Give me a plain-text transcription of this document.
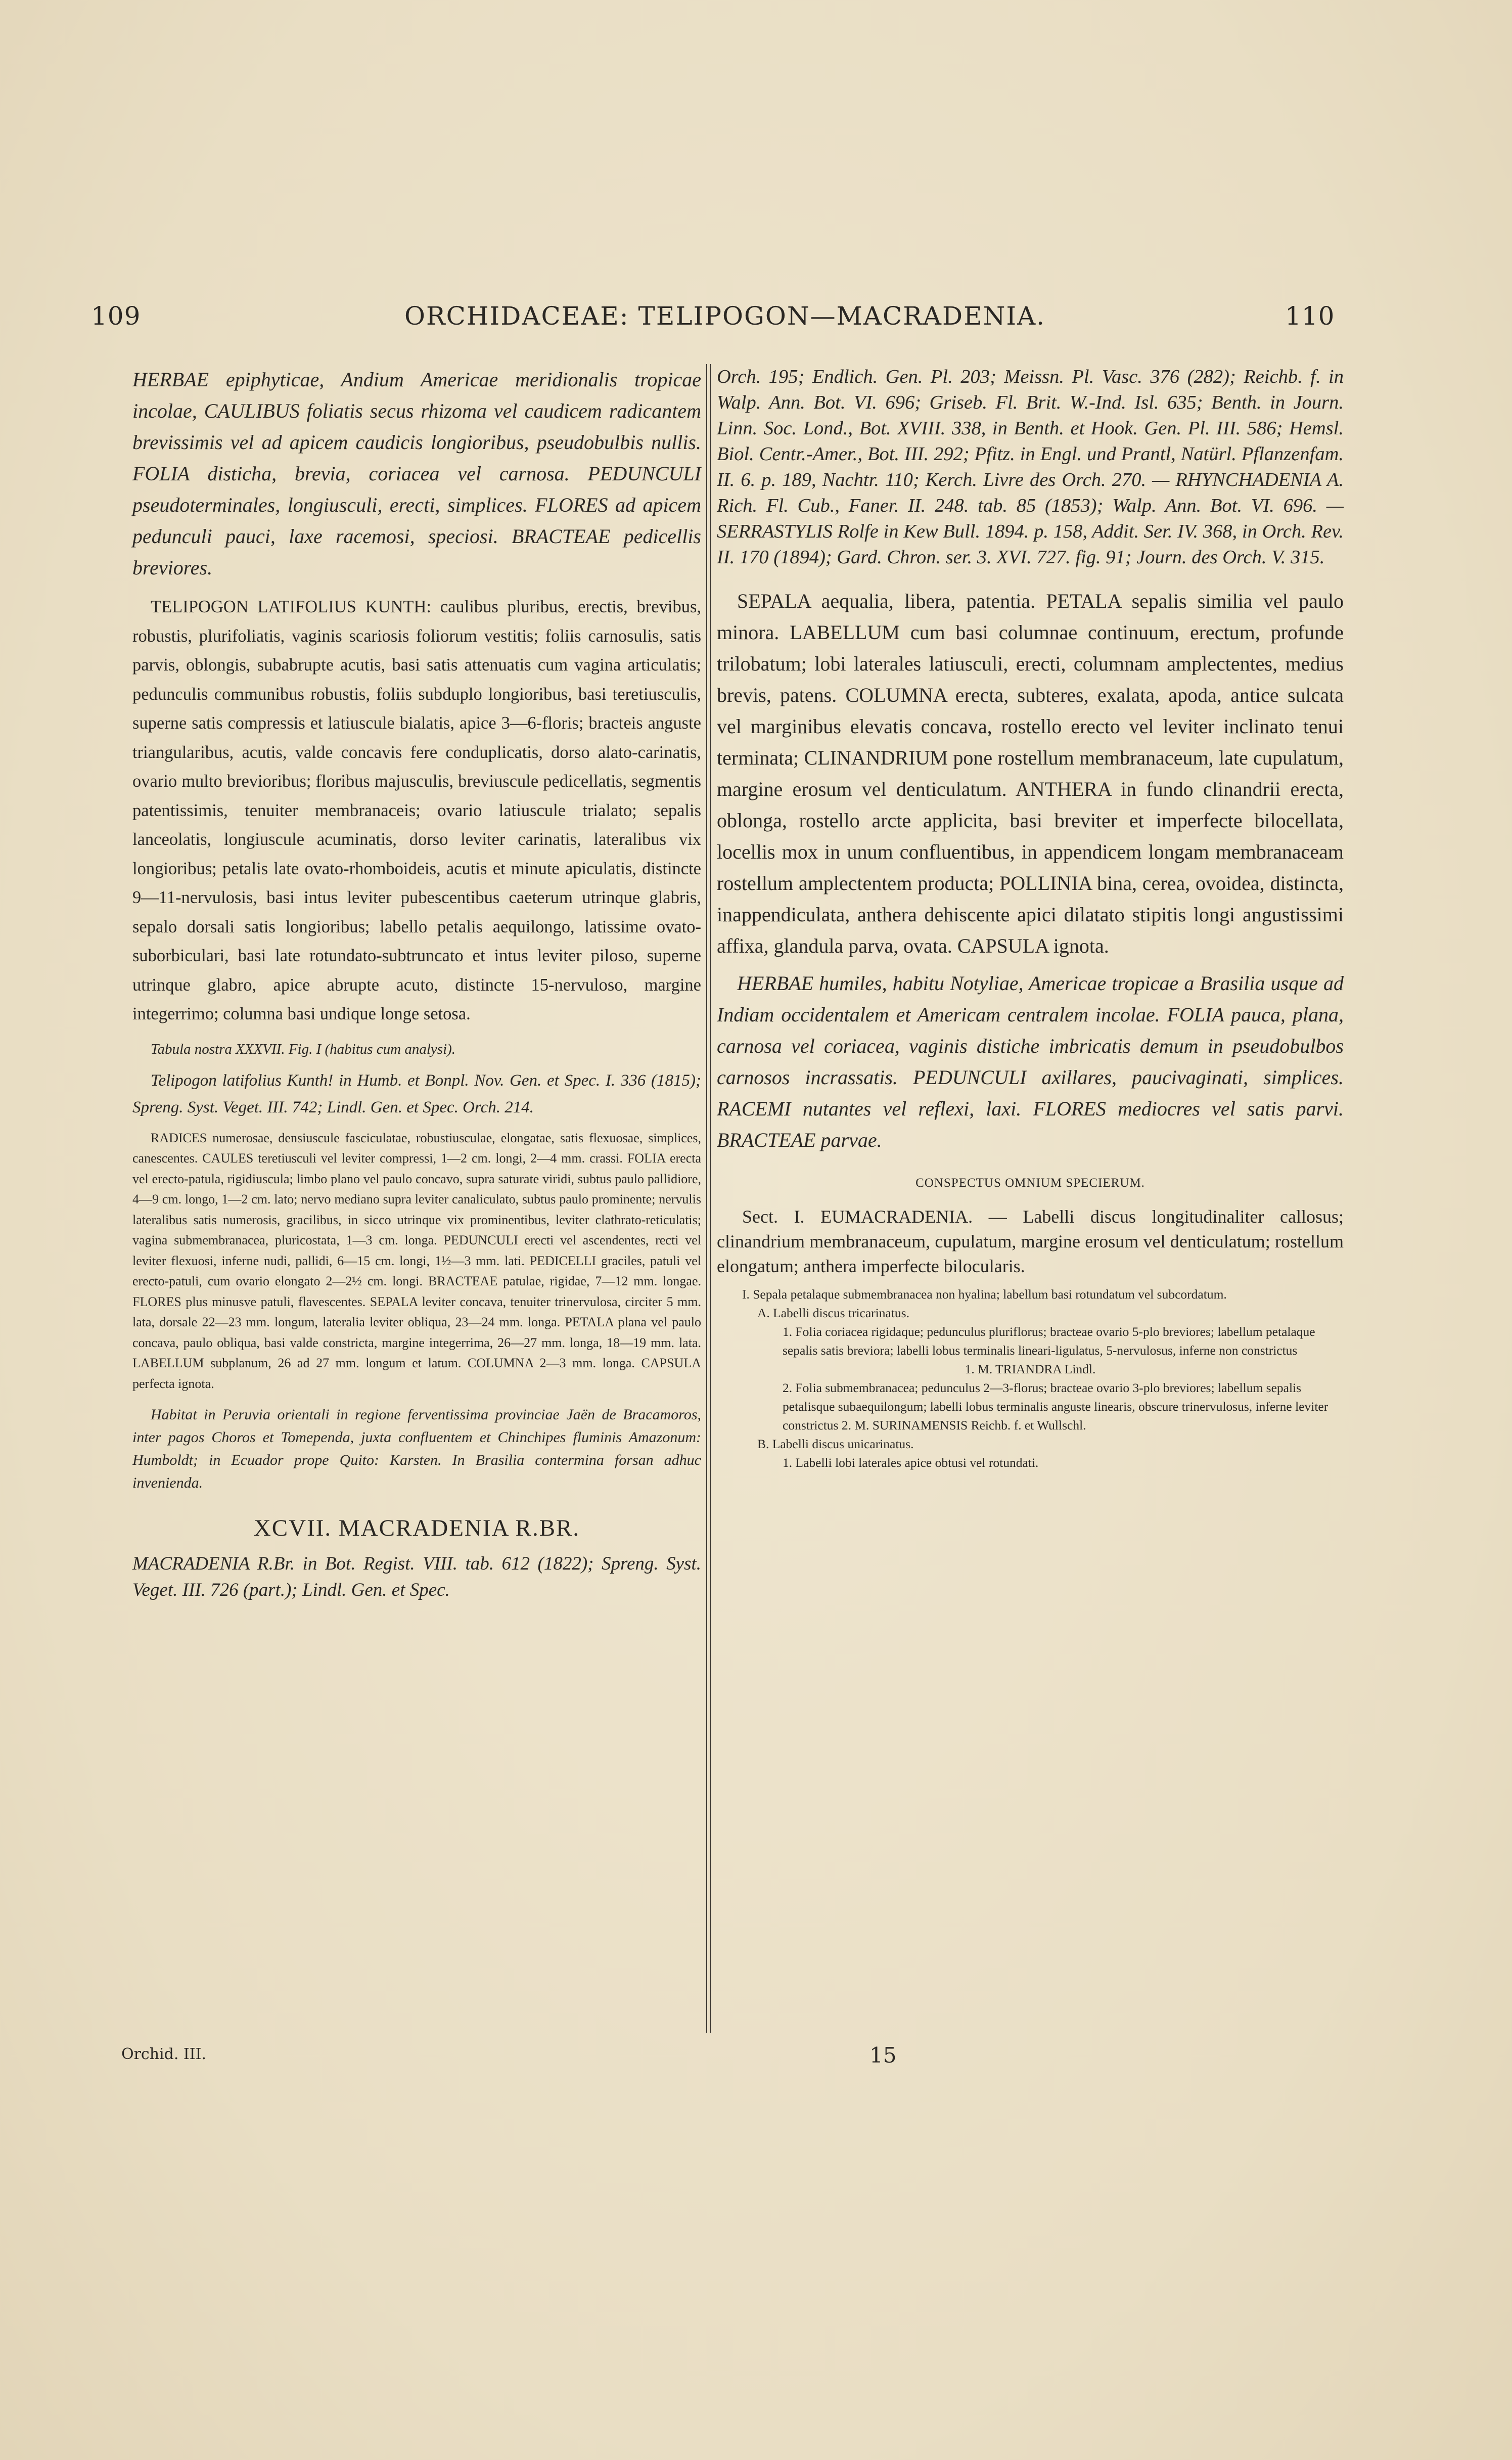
109	ORCHIDACEAE: TELIPOGON—MACRADENIA.	110

HERBAE epiphyticae, Andium Americae meridionalis tropicae incolae, CAULIBUS foliatis secus rhizoma vel caudicem radicantem brevissimis vel ad apicem caudicis longioribus, pseudobulbis nullis. FOLIA disticha, brevia, coriacea vel carnosa. PEDUNCULI pseudoterminales, longiusculi, erecti, simplices. FLORES ad apicem pedunculi pauci, laxe racemosi, speciosi. BRACTEAE pedicellis breviores.

TELIPOGON LATIFOLIUS KUNTH: caulibus pluribus, erectis, brevibus, robustis, plurifoliatis, vaginis scariosis foliorum vestitis; foliis carnosulis, satis parvis, oblongis, subabrupte acutis, basi satis attenuatis cum vagina articulatis; pedunculis communibus robustis, foliis subduplo longioribus, basi teretiusculis, superne satis compressis et latiuscule bialatis, apice 3—6-floris; bracteis anguste triangularibus, acutis, valde concavis fere conduplicatis, dorso alato-carinatis, ovario multo brevioribus; floribus majusculis, breviuscule pedicellatis, segmentis patentissimis, tenuiter membranaceis; ovario latiuscule trialato; sepalis lanceolatis, longiuscule acuminatis, dorso leviter carinatis, lateralibus vix longioribus; petalis late ovato-rhomboideis, acutis et minute apiculatis, distincte 9—11-nervulosis, basi intus leviter pubescentibus caeterum utrinque glabris, sepalo dorsali satis longioribus; labello petalis aequilongo, latissime ovato-suborbiculari, basi late rotundato-subtruncato et intus leviter piloso, superne utrinque glabro, apice abrupte acuto, distincte 15-nervuloso, margine integerrimo; columna basi undique longe setosa.

Tabula nostra XXXVII. Fig. I (habitus cum analysi).

Telipogon latifolius Kunth! in Humb. et Bonpl. Nov. Gen. et Spec. I. 336 (1815); Spreng. Syst. Veget. III. 742; Lindl. Gen. et Spec. Orch. 214.

RADICES numerosae, densiuscule fasciculatae, robustiusculae, elongatae, satis flexuosae, simplices, canescentes. CAULES teretiusculi vel leviter compressi, 1—2 cm. longi, 2—4 mm. crassi. FOLIA erecta vel erecto-patula, rigidiuscula; limbo plano vel paulo concavo, supra saturate viridi, subtus paulo pallidiore, 4—9 cm. longo, 1—2 cm. lato; nervo mediano supra leviter canaliculato, subtus paulo prominente; nervulis lateralibus satis numerosis, gracilibus, in sicco utrinque vix prominentibus, leviter clathrato-reticulatis; vagina submembranacea, pluricostata, 1—3 cm. longa. PEDUNCULI erecti vel ascendentes, recti vel leviter flexuosi, inferne nudi, pallidi, 6—15 cm. longi, 1½—3 mm. lati. PEDICELLI graciles, patuli vel erecto-patuli, cum ovario elongato 2—2½ cm. longi. BRACTEAE patulae, rigidae, 7—12 mm. longae. FLORES plus minusve patuli, flavescentes. SEPALA leviter concava, tenuiter trinervulosa, circiter 5 mm. lata, dorsale 22—23 mm. longum, lateralia leviter obliqua, 23—24 mm. longa. PETALA plana vel paulo concava, paulo obliqua, basi valde constricta, margine integerrima, 26—27 mm. longa, 18—19 mm. lata. LABELLUM subplanum, 26 ad 27 mm. longum et latum. COLUMNA 2—3 mm. longa. CAPSULA perfecta ignota.

Habitat in Peruvia orientali in regione ferventissima provinciae Jaën de Bracamoros, inter pagos Choros et Tomependa, juxta confluentem et Chinchipes fluminis Amazonum: Humboldt; in Ecuador prope Quito: Karsten. In Brasilia contermina forsan adhuc invenienda.

XCVII. MACRADENIA R.BR.

MACRADENIA R.Br. in Bot. Regist. VIII. tab. 612 (1822); Spreng. Syst. Veget. III. 726 (part.); Lindl. Gen. et Spec.

Orchid. III.

Orch. 195; Endlich. Gen. Pl. 203; Meissn. Pl. Vasc. 376 (282); Reichb. f. in Walp. Ann. Bot. VI. 696; Griseb. Fl. Brit. W.-Ind. Isl. 635; Benth. in Journ. Linn. Soc. Lond., Bot. XVIII. 338, in Benth. et Hook. Gen. Pl. III. 586; Hemsl. Biol. Centr.-Amer., Bot. III. 292; Pfitz. in Engl. und Prantl, Natürl. Pflanzenfam. II. 6. p. 189, Nachtr. 110; Kerch. Livre des Orch. 270. — RHYNCHADENIA A. Rich. Fl. Cub., Faner. II. 248. tab. 85 (1853); Walp. Ann. Bot. VI. 696. — SERRASTYLIS Rolfe in Kew Bull. 1894. p. 158, Addit. Ser. IV. 368, in Orch. Rev. II. 170 (1894); Gard. Chron. ser. 3. XVI. 727. fig. 91; Journ. des Orch. V. 315.

SEPALA aequalia, libera, patentia. PETALA sepalis similia vel paulo minora. LABELLUM cum basi columnae continuum, erectum, profunde trilobatum; lobi laterales latiusculi, erecti, columnam amplectentes, medius brevis, patens. COLUMNA erecta, subteres, exalata, apoda, antice sulcata vel marginibus elevatis concava, rostello erecto vel leviter inclinato tenui terminata; CLINANDRIUM pone rostellum membranaceum, late cupulatum, margine erosum vel denticulatum. ANTHERA in fundo clinandrii erecta, oblonga, rostello arcte applicita, basi breviter et imperfecte bilocellata, locellis mox in unum confluentibus, in appendicem longam membranaceam rostellum amplectentem producta; POLLINIA bina, cerea, ovoidea, distincta, inappendiculata, anthera dehiscente apici dilatato stipitis longi angustissimi affixa, glandula parva, ovata. CAPSULA ignota.

HERBAE humiles, habitu Notyliae, Americae tropicae a Brasilia usque ad Indiam occidentalem et Americam centralem incolae. FOLIA pauca, plana, carnosa vel coriacea, vaginis distiche imbricatis demum in pseudobulbos carnosos incrassatis. PEDUNCULI axillares, paucivaginati, simplices. RACEMI nutantes vel reflexi, laxi. FLORES mediocres vel satis parvi. BRACTEAE parvae.

CONSPECTUS OMNIUM SPECIERUM.

Sect. I. EUMACRADENIA. — Labelli discus longitudinaliter callosus; clinandrium membranaceum, cupulatum, margine erosum vel denticulatum; rostellum elongatum; anthera imperfecte bilocularis.

I. Sepala petalaque submembranacea non hyalina; labellum basi rotundatum vel subcordatum.
A. Labelli discus tricarinatus.
1. Folia coriacea rigidaque; pedunculus pluriflorus; bracteae ovario 5-plo breviores; labellum petalaque sepalis satis breviora; labelli lobus terminalis lineari-ligulatus, 5-nervulosus, inferne non constrictus
1. M. TRIANDRA Lindl.
2. Folia submembranacea; pedunculus 2—3-florus; bracteae ovario 3-plo breviores; labellum sepalis petalisque subaequilongum; labelli lobus terminalis anguste linearis, obscure trinervulosus, inferne leviter constrictus 2. M. SURINAMENSIS Reichb. f. et Wullschl.
B. Labelli discus unicarinatus.
1. Labelli lobi laterales apice obtusi vel rotundati.
15
